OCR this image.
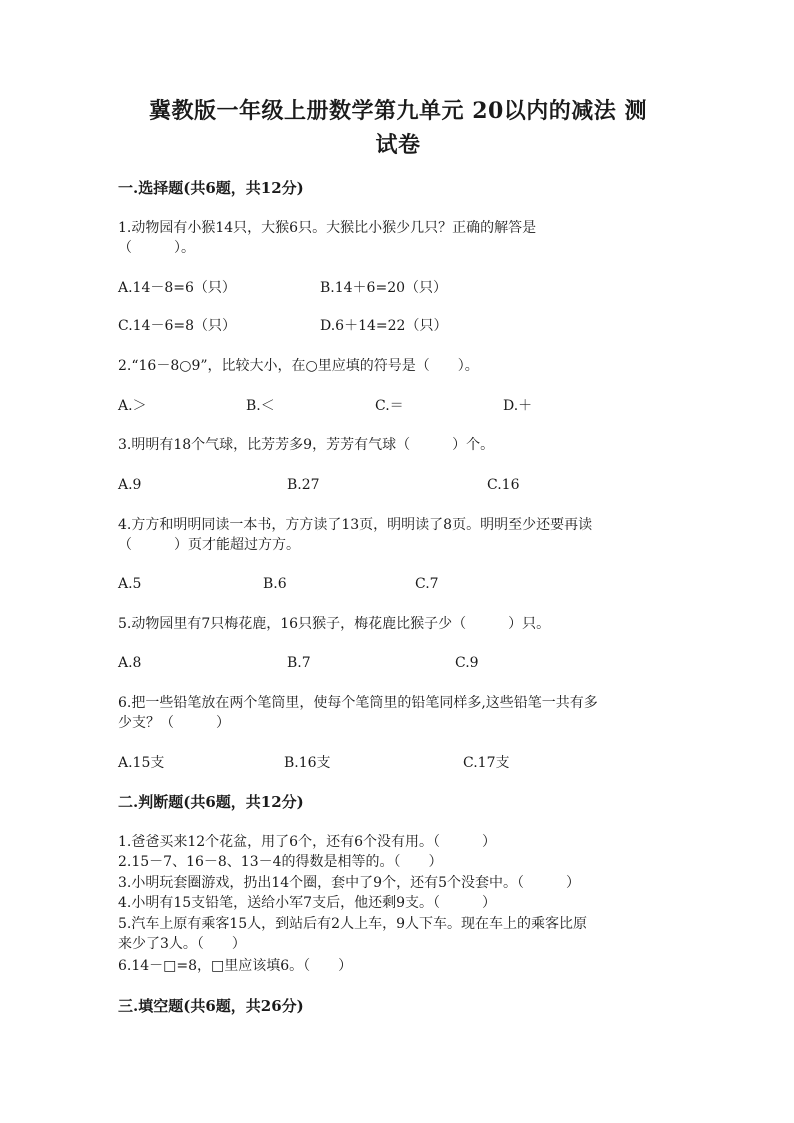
冀教版一年级上册数学第九单元 20以内的减法 测
试卷
一.选择题(共6题，共12分)
1.动物园有小猴14只，大猴6只。大猴比小猴少几只？正确的解答是
（　　　）。
A.14－8=6（只）	B.14＋6=20（只）
C.14－6=8（只）	D.6＋14=22（只）
2.“16－8○9”，比较大小，在○里应填的符号是（　　）。
A.＞	B.＜	C.＝	D.＋
3.明明有18个气球，比芳芳多9，芳芳有气球（　　　）个。
A.9	B.27	C.16
4.方方和明明同读一本书，方方读了13页，明明读了8页。明明至少还要再读
（　　　）页才能超过方方。
A.5	B.6	C.7
5.动物园里有7只梅花鹿，16只猴子，梅花鹿比猴子少（　　　）只。
A.8	B.7	C.9
6.把一些铅笔放在两个笔筒里，使每个笔筒里的铅笔同样多,这些铅笔一共有多
少支？（　　　）
A.15支	B.16支	C.17支
二.判断题(共6题，共12分)
1.爸爸买来12个花盆，用了6个，还有6个没有用。（　　　）
2.15－7、16－8、13－4的得数是相等的。（　　）
3.小明玩套圈游戏，扔出14个圈，套中了9个，还有5个没套中。（　　　）
4.小明有15支铅笔，送给小军7支后，他还剩9支。（　　　）
5.汽车上原有乘客15人，到站后有2人上车，9人下车。现在车上的乘客比原
来少了3人。（　　）
6.14－□=8，□里应该填6。（　　）
三.填空题(共6题，共26分)
